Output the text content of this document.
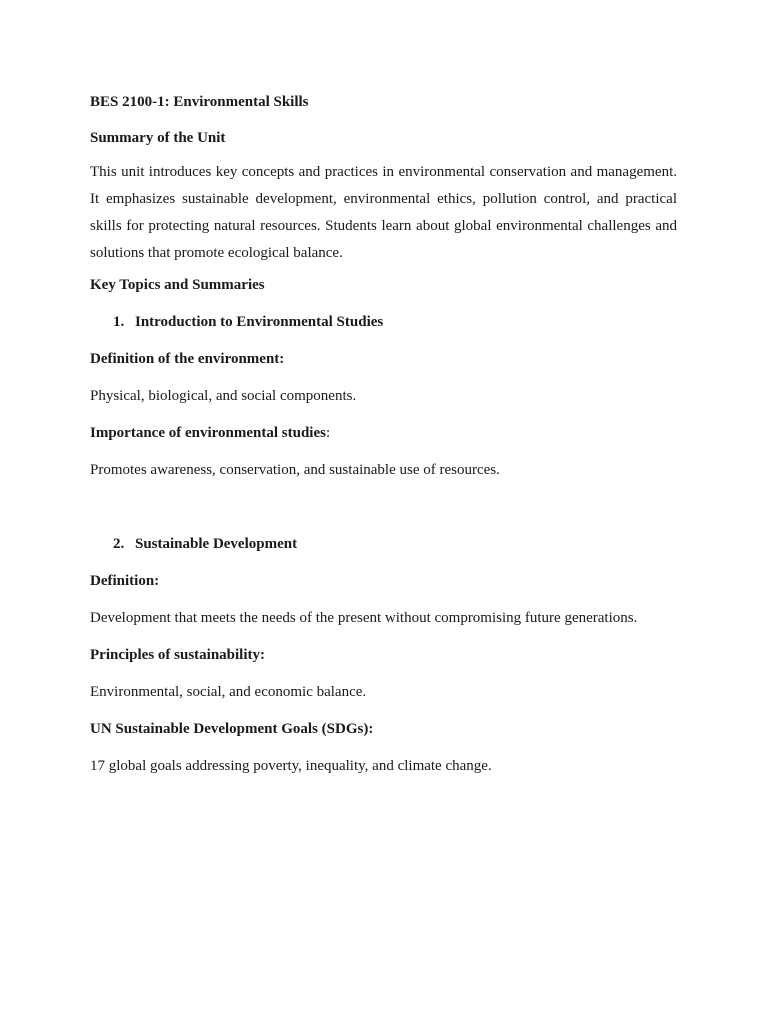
BES 2100-1: Environmental Skills

Summary of the Unit

This unit introduces key concepts and practices in environmental conservation and management. It emphasizes sustainable development, environmental ethics, pollution control, and practical skills for protecting natural resources. Students learn about global environmental challenges and solutions that promote ecological balance.

Key Topics and Summaries

1. Introduction to Environmental Studies

Definition of the environment:

Physical, biological, and social components.

Importance of environmental studies:

Promotes awareness, conservation, and sustainable use of resources.

2. Sustainable Development

Definition:

Development that meets the needs of the present without compromising future generations.

Principles of sustainability:

Environmental, social, and economic balance.

UN Sustainable Development Goals (SDGs):

17 global goals addressing poverty, inequality, and climate change.
